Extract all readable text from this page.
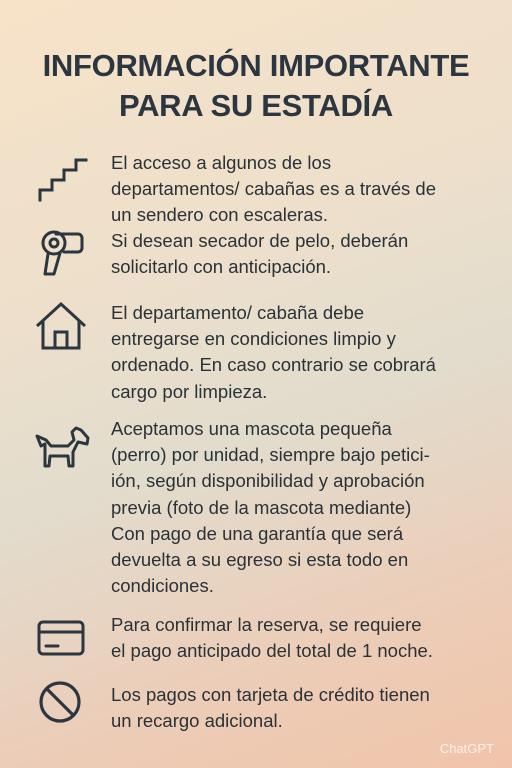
INFORMACIÓN IMPORTANTE
PARA SU ESTADÍA
El acceso a algunos de los
departamentos/ cabañas es a través de
un sendero con escaleras.
Si desean secador de pelo, deberán
solicitarlo con anticipación.
El departamento/ cabaña debe
entregarse en condiciones limpio y
ordenado. En caso contrario se cobrará
cargo por limpieza.
Aceptamos una mascota pequeña
(perro) por unidad, siempre bajo petici-
ión, según disponibilidad y aprobación
previa (foto de la mascota mediante)
Con pago de una garantía que será
devuelta a su egreso si esta todo en
condiciones.
Para confirmar la reserva, se requiere
el pago anticipado del total de 1 noche.
Los pagos con tarjeta de crédito tienen
un recargo adicional.
ChatGPT
